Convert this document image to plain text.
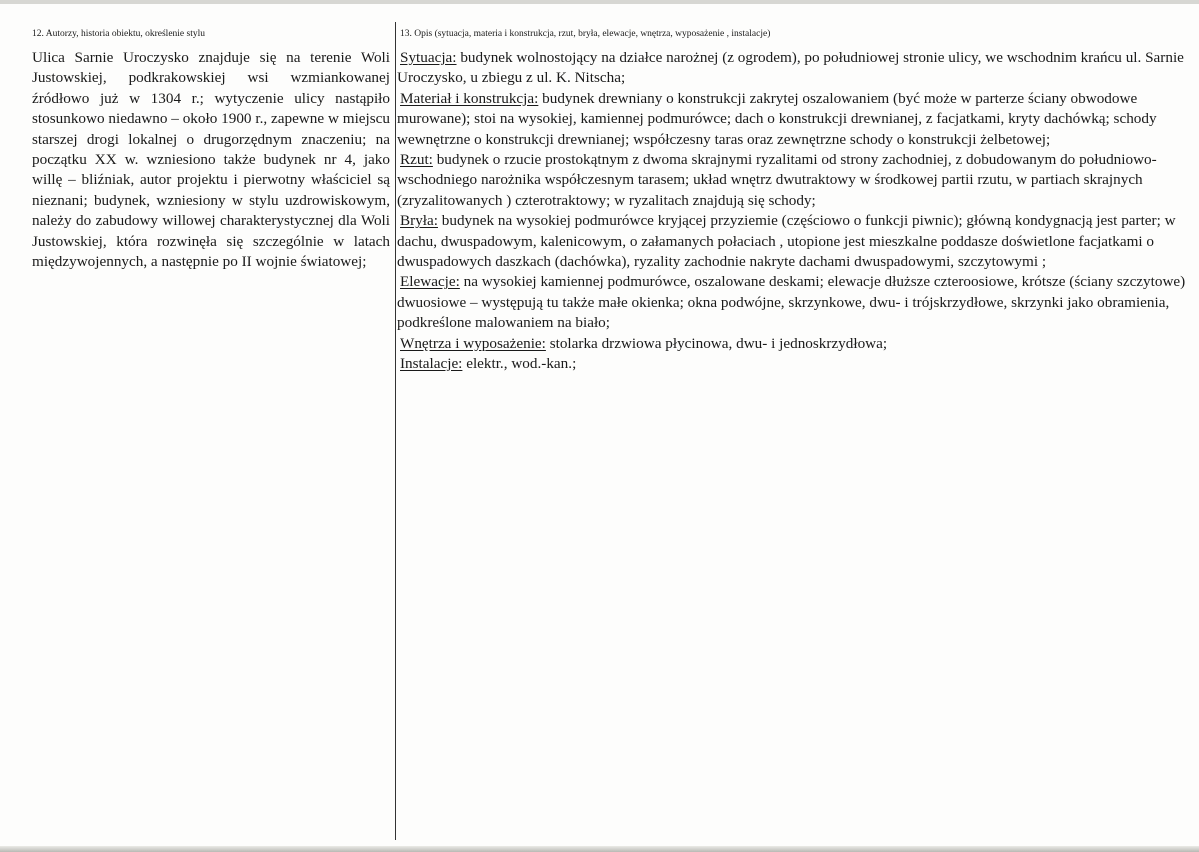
12. Autorzy, historia obiektu, określenie stylu

Ulica Sarnie Uroczysko znajduje się na terenie Woli Justowskiej, podkrakowskiej wsi wzmiankowanej źródłowo już w 1304 r.; wytyczenie ulicy nastąpiło stosunkowo niedawno – około 1900 r., zapewne w miejscu starszej drogi lokalnej o drugorzędnym znaczeniu; na początku XX w. wzniesiono także budynek nr 4, jako willę – bliźniak, autor projektu i pierwotny właściciel są nieznani; budynek, wzniesiony w stylu uzdrowiskowym, należy do zabudowy willowej charakterystycznej dla Woli Justowskiej, która rozwinęła się szczególnie w latach międzywojennych, a następnie po II wojnie światowej;

13. Opis (sytuacja, materia i konstrukcja, rzut, bryła, elewacje, wnętrza, wyposażenie , instalacje)

Sytuacja: budynek wolnostojący na działce narożnej (z ogrodem), po południowej stronie ulicy, we wschodnim krańcu ul. Sarnie Uroczysko, u zbiegu z ul. K. Nitscha;

Materiał i konstrukcja: budynek drewniany o konstrukcji zakrytej oszalowaniem (być może w parterze ściany obwodowe murowane); stoi na wysokiej, kamiennej podmurówce; dach o konstrukcji drewnianej, z facjatkami, kryty dachówką; schody wewnętrzne o konstrukcji drewnianej; współczesny taras oraz zewnętrzne schody o konstrukcji żelbetowej;

Rzut: budynek o rzucie prostokątnym z dwoma skrajnymi ryzalitami od strony zachodniej, z dobudowanym do południowo-wschodniego narożnika współczesnym tarasem; układ wnętrz dwutraktowy w środkowej partii rzutu, w partiach skrajnych (zryzalitowanych ) czterotraktowy; w ryzalitach znajdują się schody;

Bryła: budynek na wysokiej podmurówce kryjącej przyziemie (częściowo o funkcji piwnic); główną kondygnacją jest parter; w dachu, dwuspadowym, kalenicowym, o załamanych połaciach , utopione jest mieszkalne poddasze doświetlone facjatkami o dwuspadowych daszkach (dachówka), ryzality zachodnie nakryte dachami dwuspadowymi, szczytowymi ;

Elewacje: na wysokiej kamiennej podmurówce, oszalowane deskami; elewacje dłuższe czteroosiowe, krótsze (ściany szczytowe) dwuosiowe – występują tu także małe okienka; okna podwójne, skrzynkowe, dwu- i trójskrzydłowe, skrzynki jako obramienia, podkreślone malowaniem na biało;

Wnętrza i wyposażenie: stolarka drzwiowa płycinowa, dwu- i jednoskrzydłowa;

Instalacje: elektr., wod.-kan.;
